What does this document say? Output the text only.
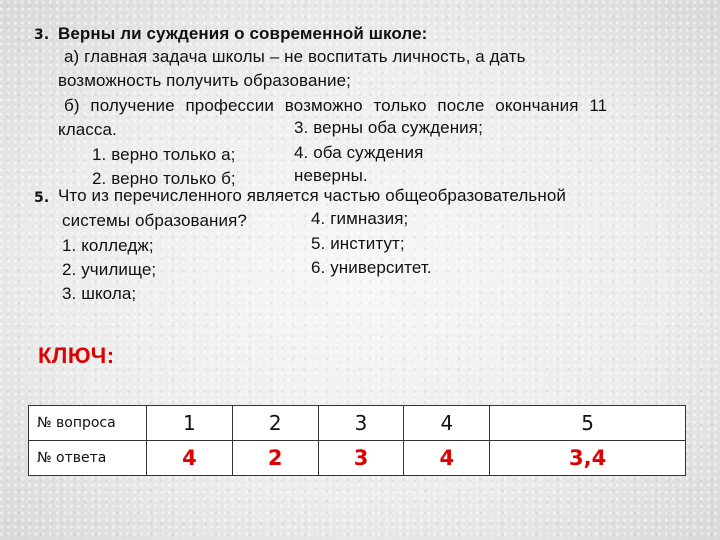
3. Верны ли суждения о современной школе:
а) главная задача школы – не воспитать личность, а дать
возможность получить образование;
б) получение профессии возможно только после окончания 11
класса.	3. верны оба суждения;
1. верно только а;	4. оба суждения
2. верно только б;	неверны.
5. Что из перечисленного является частью общеобразовательной
системы образования?	4. гимназия;
1. колледж;	5. институт;
2. училище;	6. университет.
3. школа;
КЛЮЧ:
№ вопроса	1	2	3	4	5
№ ответа	4	2	3	4	3,4
